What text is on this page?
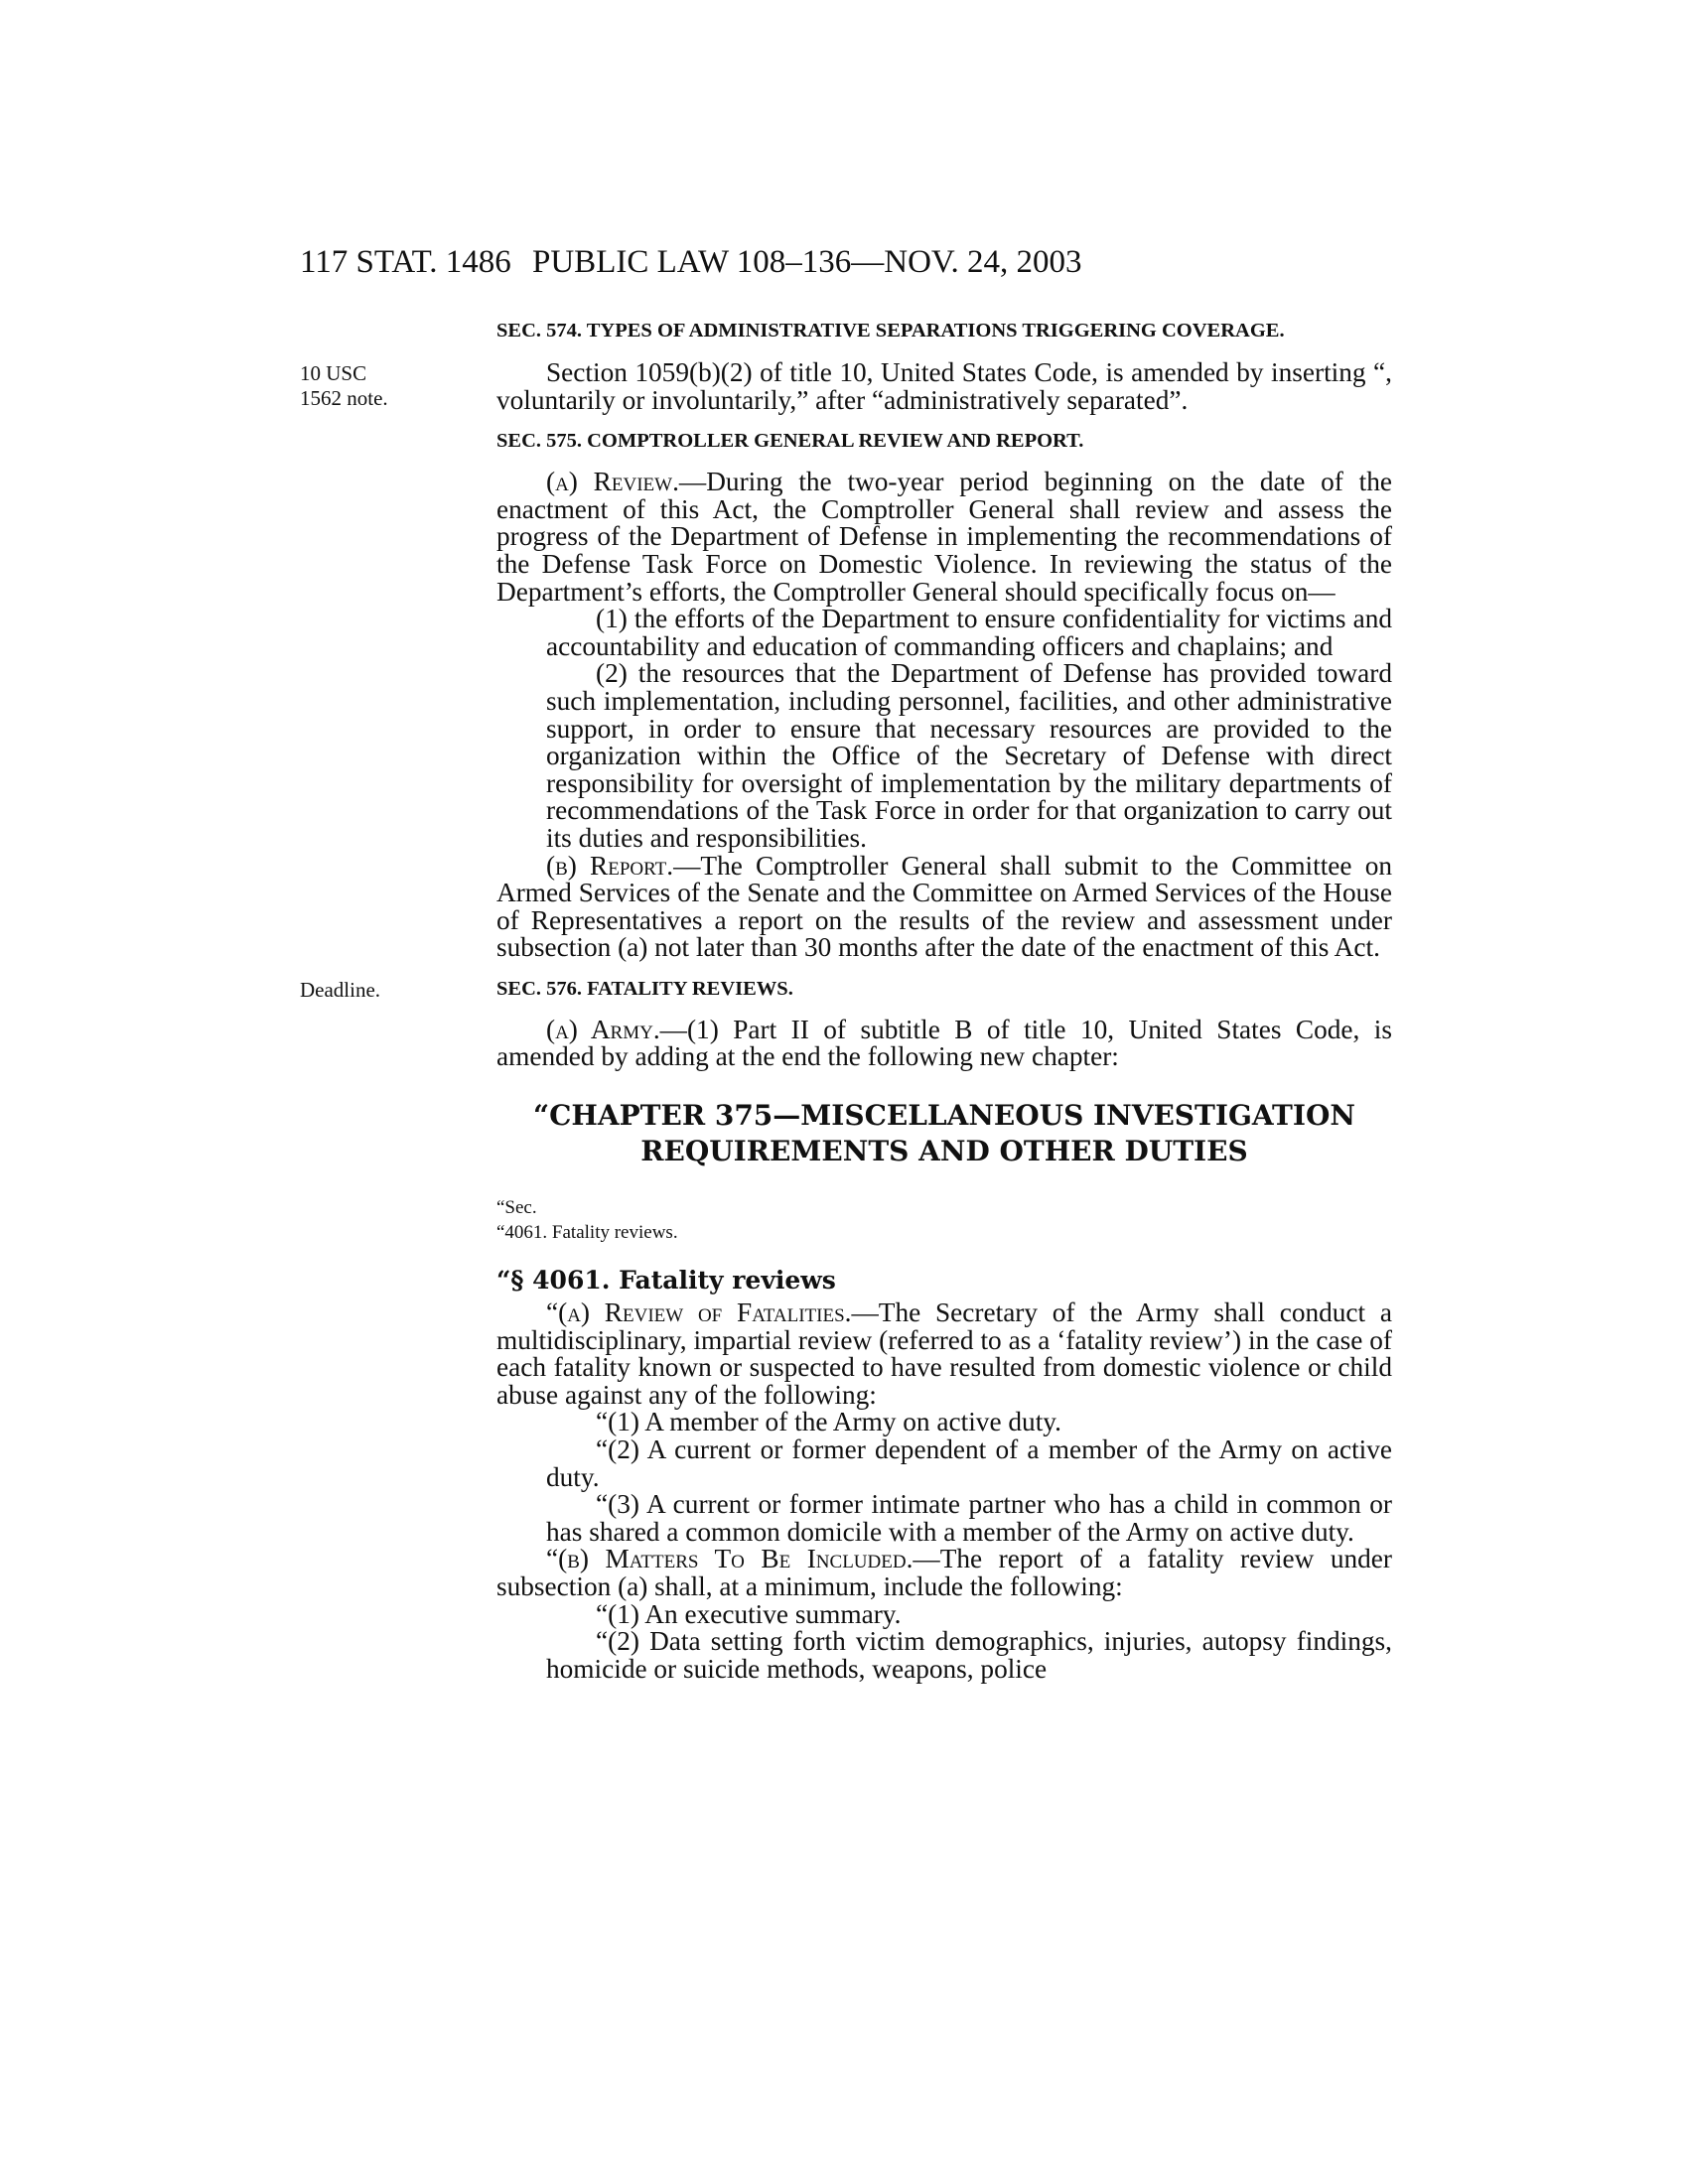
117 STAT. 1486 PUBLIC LAW 108–136—NOV. 24, 2003
10 USC 1562 note.
Deadline.

SEC. 574. TYPES OF ADMINISTRATIVE SEPARATIONS TRIGGERING COVERAGE.

Section 1059(b)(2) of title 10, United States Code, is amended by inserting “, voluntarily or involuntarily,” after “administratively separated”.

SEC. 575. COMPTROLLER GENERAL REVIEW AND REPORT.

(a) Review.—During the two-year period beginning on the date of the enactment of this Act, the Comptroller General shall review and assess the progress of the Department of Defense in implementing the recommendations of the Defense Task Force on Domestic Violence. In reviewing the status of the Department’s efforts, the Comptroller General should specifically focus on—

(1) the efforts of the Department to ensure confidentiality for victims and accountability and education of commanding officers and chaplains; and

(2) the resources that the Department of Defense has provided toward such implementation, including personnel, facilities, and other administrative support, in order to ensure that necessary resources are provided to the organization within the Office of the Secretary of Defense with direct responsibility for oversight of implementation by the military departments of recommendations of the Task Force in order for that organization to carry out its duties and responsibilities.

(b) Report.—The Comptroller General shall submit to the Committee on Armed Services of the Senate and the Committee on Armed Services of the House of Representatives a report on the results of the review and assessment under subsection (a) not later than 30 months after the date of the enactment of this Act.

SEC. 576. FATALITY REVIEWS.

(a) Army.—(1) Part II of subtitle B of title 10, United States Code, is amended by adding at the end the following new chapter:

“CHAPTER 375—MISCELLANEOUS INVESTIGATION
REQUIREMENTS AND OTHER DUTIES
“Sec.
“4061. Fatality reviews.
“§ 4061. Fatality reviews

“(a) Review of Fatalities.—The Secretary of the Army shall conduct a multidisciplinary, impartial review (referred to as a ‘fatality review’) in the case of each fatality known or suspected to have resulted from domestic violence or child abuse against any of the following:

“(1) A member of the Army on active duty.

“(2) A current or former dependent of a member of the Army on active duty.

“(3) A current or former intimate partner who has a child in common or has shared a common domicile with a member of the Army on active duty.

“(b) Matters To Be Included.—The report of a fatality review under subsection (a) shall, at a minimum, include the following:

“(1) An executive summary.

“(2) Data setting forth victim demographics, injuries, autopsy findings, homicide or suicide methods, weapons, police
